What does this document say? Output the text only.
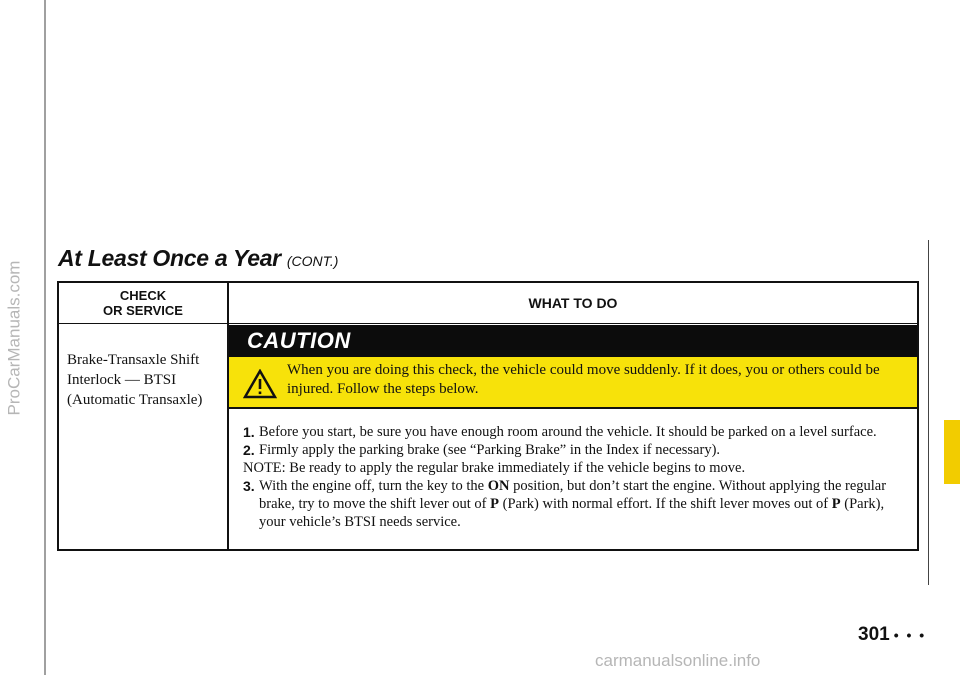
ProCarManuals.com
At Least Once a Year (CONT.)
CHECK
OR SERVICE	WHAT TO DO
Brake-Transaxle Shift
Interlock — BTSI
(Automatic Transaxle)
CAUTION
When you are doing this check, the vehicle could move suddenly. If it does, you or others could be injured. Follow the steps below.
1. Before you start, be sure you have enough room around the vehicle. It should be parked on a level surface.
2. Firmly apply the parking brake (see “Parking Brake” in the Index if necessary).
NOTE: Be ready to apply the regular brake immediately if the vehicle begins to move.
3. With the engine off, turn the key to the ON position, but don’t start the engine. Without applying the regular brake, try to move the shift lever out of P (Park) with normal effort. If the shift lever moves out of P (Park), your vehicle’s BTSI needs service.
301 • • •
carmanualsonline.info
